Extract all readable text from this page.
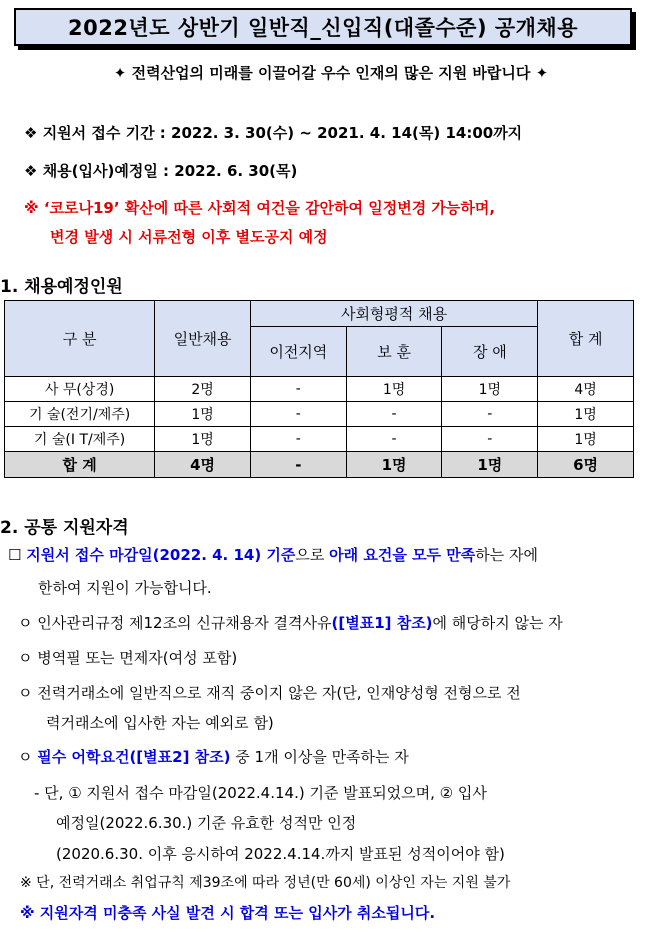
2022년도 상반기 일반직_신입직(대졸수준) 공개채용
✦ 전력산업의 미래를 이끌어갈 우수 인재의 많은 지원 바랍니다 ✦
❖ 지원서 접수 기간 : 2022. 3. 30(수) ~ 2021. 4. 14(목) 14:00까지
❖ 채용(입사)예정일 : 2022. 6. 30(목)
※ ‘코로나19’ 확산에 따른 사회적 여건을 감안하여 일정변경 가능하며,
변경 발생 시 서류전형 이후 별도공지 예정
1. 채용예정인원
구 분	일반채용	사회형평적 채용			합 계
		이전지역	보 훈	장 애	
사 무(상경)	2명	-	1명	1명	4명
기 술(전기/제주)	1명	-	-	-	1명
기 술(I T/제주)	1명	-	-	-	1명
합 계	4명	-	1명	1명	6명
2. 공통 지원자격
☐ 지원서 접수 마감일(2022. 4. 14) 기준으로 아래 요건을 모두 만족하는 자에
한하여 지원이 가능합니다.
ㅇ 인사관리규정 제12조의 신규채용자 결격사유([별표1] 참조)에 해당하지 않는 자
ㅇ 병역필 또는 면제자(여성 포함)
ㅇ 전력거래소에 일반직으로 재직 중이지 않은 자(단, 인재양성형 전형으로 전
력거래소에 입사한 자는 예외로 함)
ㅇ 필수 어학요건([별표2] 참조) 중 1개 이상을 만족하는 자
- 단, ① 지원서 접수 마감일(2022.4.14.) 기준 발표되었으며, ② 입사
예정일(2022.6.30.) 기준 유효한 성적만 인정
(2020.6.30. 이후 응시하여 2022.4.14.까지 발표된 성적이어야 함)
※ 단, 전력거래소 취업규칙 제39조에 따라 정년(만 60세) 이상인 자는 지원 불가
※ 지원자격 미충족 사실 발견 시 합격 또는 입사가 취소됩니다.
